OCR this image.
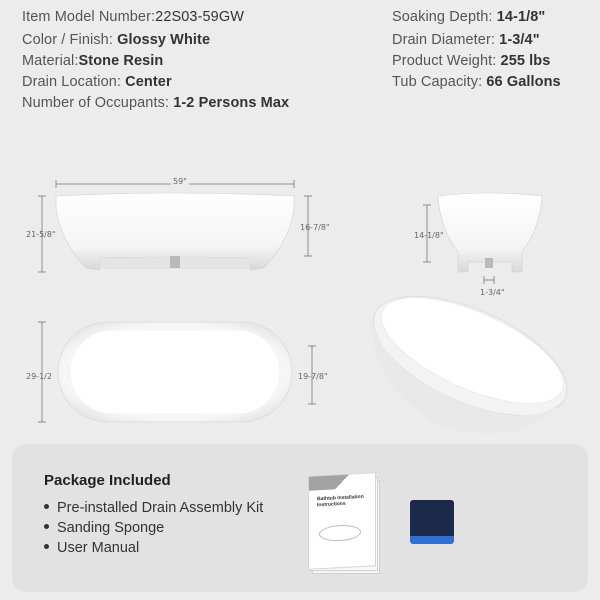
Item Model Number:22S03-59GW
Color / Finish: Glossy White
Material:Stone Resin
Drain Location: Center
Number of Occupants: 1-2 Persons Max
Soaking Depth: 14-1/8"
Drain Diameter: 1-3/4"
Product Weight: 255 lbs
Tub Capacity: 66 Gallons
59"
21-5/8"
16-7/8"
14-1/8"
1-3/4"
29-1/2	19-7/8"
Package Included
Pre-installed Drain Assembly Kit
Sanding Sponge
User Manual
Bathtub Installation Instructions
